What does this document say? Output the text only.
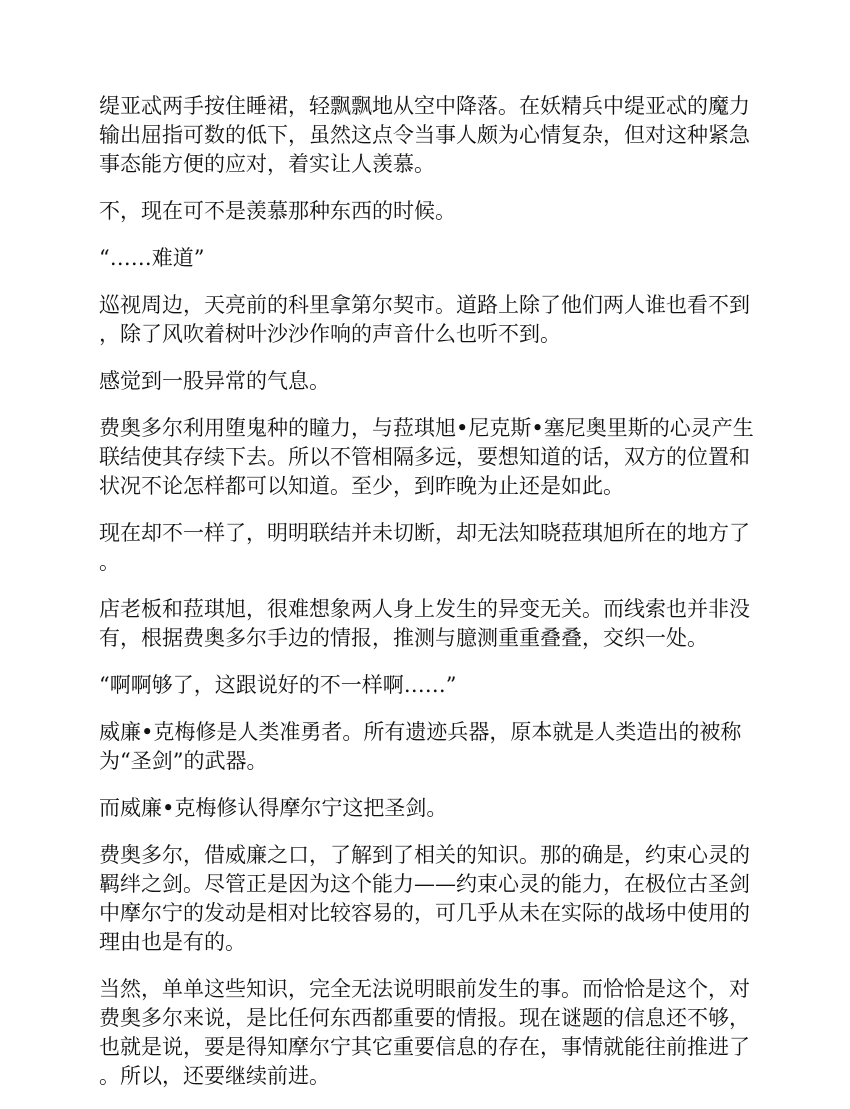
缇亚忒两手按住睡裙，轻飘飘地从空中降落。在妖精兵中缇亚忒的魔力输出屈指可数的低下，虽然这点令当事人颇为心情复杂，但对这种紧急事态能方便的应对，着实让人羡慕。

不，现在可不是羡慕那种东西的时候。

“……难道”

巡视周边，天亮前的科里拿第尔契市。道路上除了他们两人谁也看不到，除了风吹着树叶沙沙作响的声音什么也听不到。

感觉到一股异常的气息。

费奥多尔利用堕鬼种的瞳力，与菈琪旭•尼克斯•塞尼奥里斯的心灵产生联结使其存续下去。所以不管相隔多远，要想知道的话，双方的位置和状况不论怎样都可以知道。至少，到昨晚为止还是如此。

现在却不一样了，明明联结并未切断，却无法知晓菈琪旭所在的地方了。

店老板和菈琪旭，很难想象两人身上发生的异变无关。而线索也并非没有，根据费奥多尔手边的情报，推测与臆测重重叠叠，交织一处。

“啊啊够了，这跟说好的不一样啊……”

威廉•克梅修是人类准勇者。所有遗迹兵器，原本就是人类造出的被称为“圣剑”的武器。

而威廉•克梅修认得摩尔宁这把圣剑。

费奥多尔，借威廉之口，了解到了相关的知识。那的确是，约束心灵的羁绊之剑。尽管正是因为这个能力——约束心灵的能力，在极位古圣剑中摩尔宁的发动是相对比较容易的，可几乎从未在实际的战场中使用的理由也是有的。

当然，单单这些知识，完全无法说明眼前发生的事。而恰恰是这个，对费奥多尔来说，是比任何东西都重要的情报。现在谜题的信息还不够，也就是说，要是得知摩尔宁其它重要信息的存在，事情就能往前推进了。所以，还要继续前进。
